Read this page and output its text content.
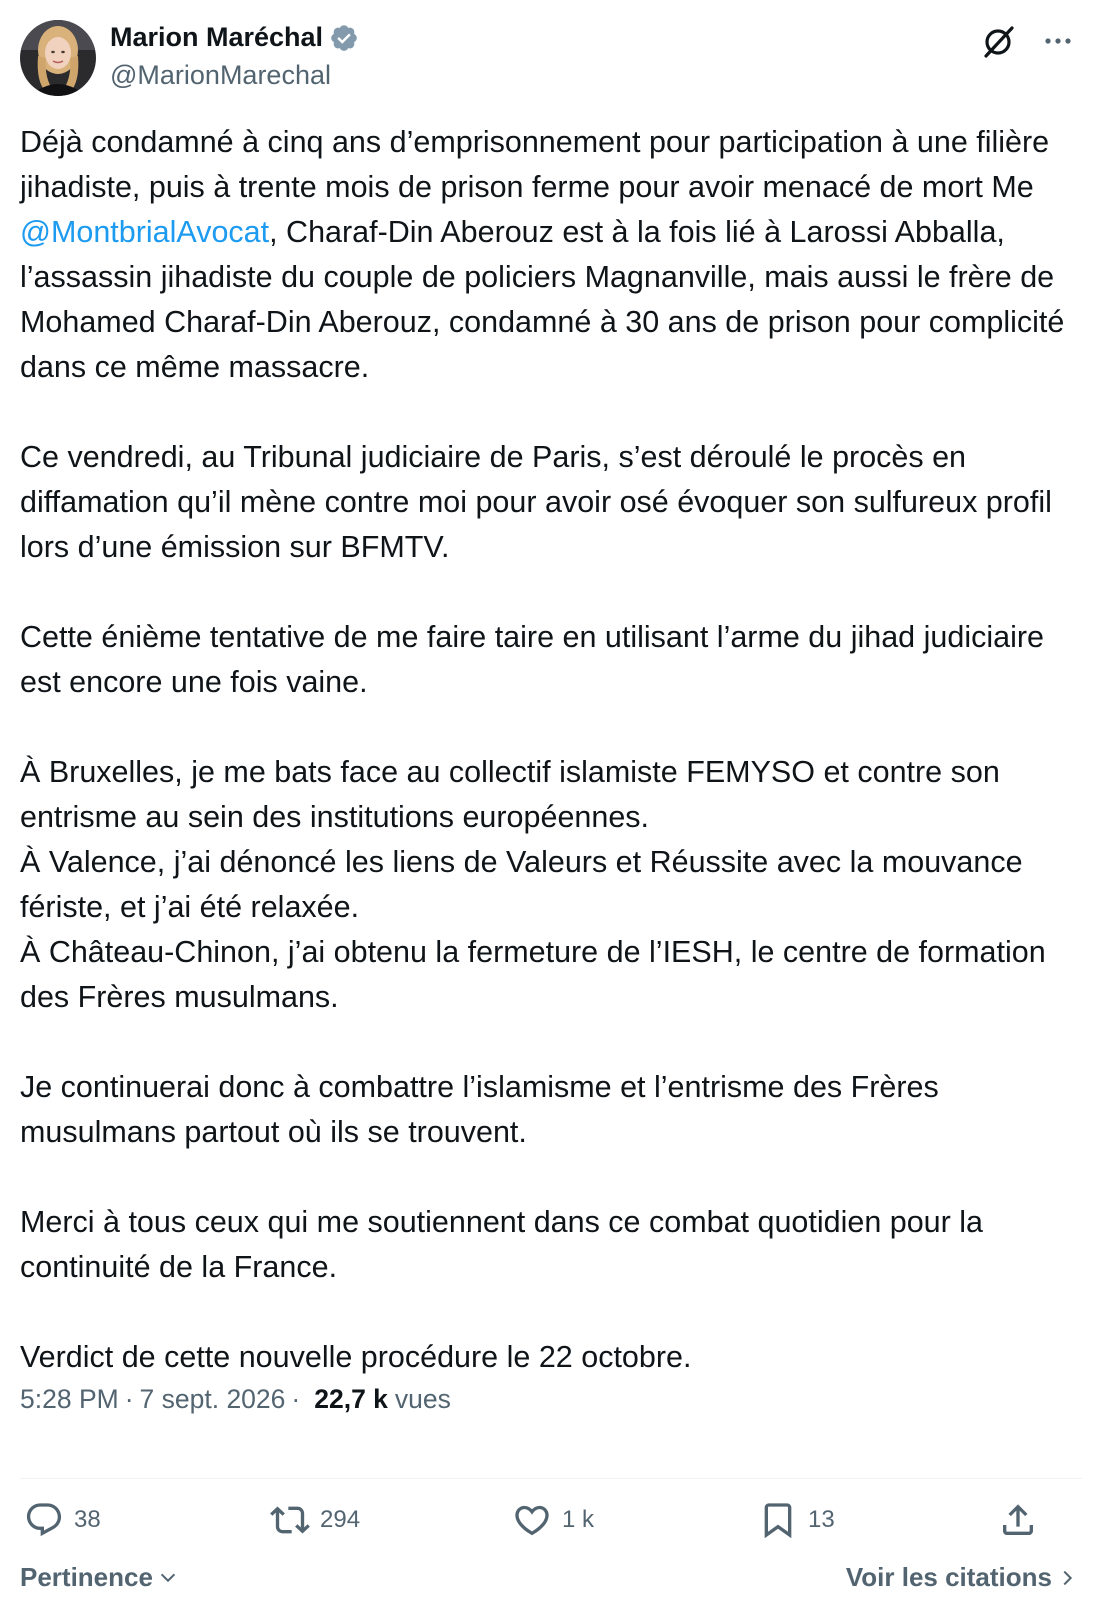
Marion Maréchal
@MarionMarechal
Déjà condamné à cinq ans d’emprisonnement pour participation à une filière jihadiste, puis à trente mois de prison ferme pour avoir menacé de mort Me @MontbrialAvocat, Charaf-Din Aberouz est à la fois lié à Larossi Abballa, l’assassin jihadiste du couple de policiers Magnanville, mais aussi le frère de Mohamed Charaf-Din Aberouz, condamné à 30 ans de prison pour complicité dans ce même massacre.

Ce vendredi, au Tribunal judiciaire de Paris, s’est déroulé le procès en diffamation qu’il mène contre moi pour avoir osé évoquer son sulfureux profil lors d’une émission sur BFMTV.

Cette énième tentative de me faire taire en utilisant l’arme du jihad judiciaire est encore une fois vaine.

À Bruxelles, je me bats face au collectif islamiste FEMYSO et contre son entrisme au sein des institutions européennes.
À Valence, j’ai dénoncé les liens de Valeurs et Réussite avec la mouvance fériste, et j’ai été relaxée.
À Château-Chinon, j’ai obtenu la fermeture de l’IESH, le centre de formation des Frères musulmans.

Je continuerai donc à combattre l’islamisme et l’entrisme des Frères musulmans partout où ils se trouvent.

Merci à tous ceux qui me soutiennent dans ce combat quotidien pour la continuité de la France.

Verdict de cette nouvelle procédure le 22 octobre.
5:28 PM · 7 sept. 2026 · 22,7 k vues
38	294	1 k	13
Pertinence	Voir les citations
